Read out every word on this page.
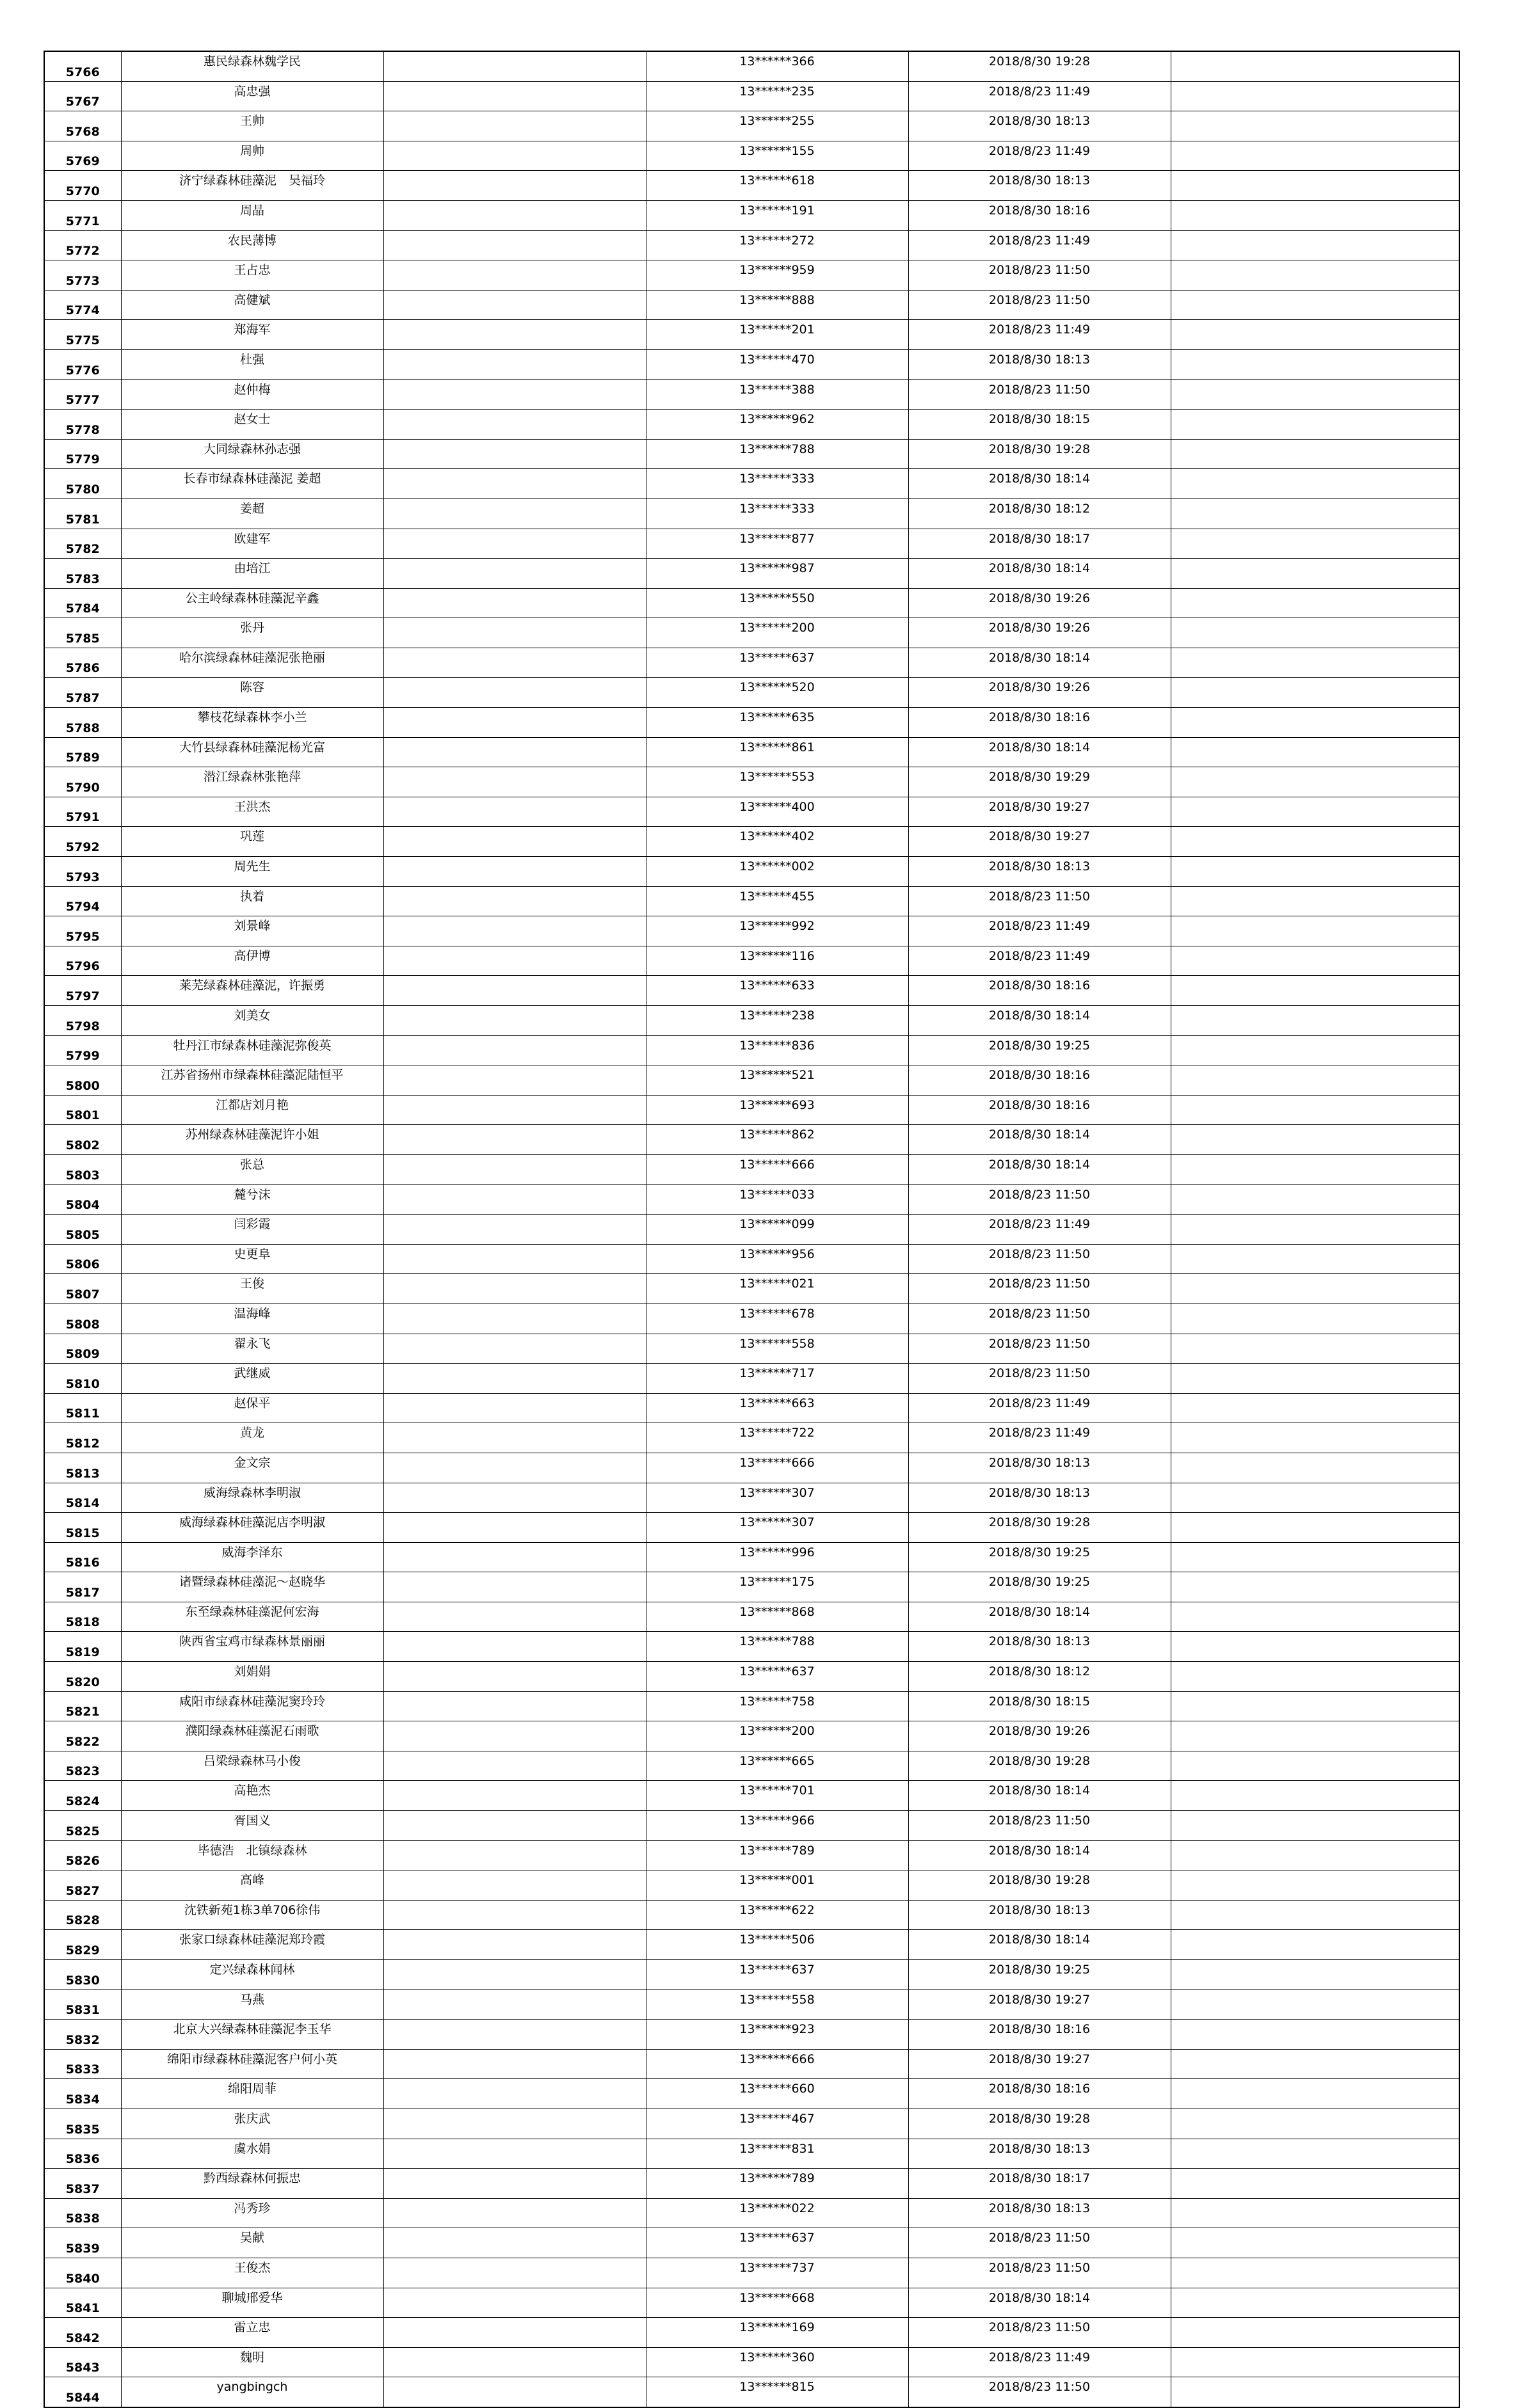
5766	惠民绿森林魏学民		13******366	2018/8/30 19:28	
5767	高忠强		13******235	2018/8/23 11:49	
5768	王帅		13******255	2018/8/30 18:13	
5769	周帅		13******155	2018/8/23 11:49	
5770	济宁绿森林硅藻泥　吴福玲		13******618	2018/8/30 18:13	
5771	周晶		13******191	2018/8/30 18:16	
5772	农民薄博		13******272	2018/8/23 11:49	
5773	王占忠		13******959	2018/8/23 11:50	
5774	高健斌		13******888	2018/8/23 11:50	
5775	郑海军		13******201	2018/8/23 11:49	
5776	杜强		13******470	2018/8/30 18:13	
5777	赵仲梅		13******388	2018/8/23 11:50	
5778	赵女士		13******962	2018/8/30 18:15	
5779	大同绿森林孙志强		13******788	2018/8/30 19:28	
5780	长春市绿森林硅藻泥 姜超		13******333	2018/8/30 18:14	
5781	姜超		13******333	2018/8/30 18:12	
5782	欧建军		13******877	2018/8/30 18:17	
5783	由培江		13******987	2018/8/30 18:14	
5784	公主岭绿森林硅藻泥辛鑫		13******550	2018/8/30 19:26	
5785	张丹		13******200	2018/8/30 19:26	
5786	哈尔滨绿森林硅藻泥张艳丽		13******637	2018/8/30 18:14	
5787	陈容		13******520	2018/8/30 19:26	
5788	攀枝花绿森林李小兰		13******635	2018/8/30 18:16	
5789	大竹县绿森林硅藻泥杨光富		13******861	2018/8/30 18:14	
5790	潜江绿森林张艳萍		13******553	2018/8/30 19:29	
5791	王洪杰		13******400	2018/8/30 19:27	
5792	巩莲		13******402	2018/8/30 19:27	
5793	周先生		13******002	2018/8/30 18:13	
5794	执着		13******455	2018/8/23 11:50	
5795	刘景峰		13******992	2018/8/23 11:49	
5796	高伊博		13******116	2018/8/23 11:49	
5797	莱芜绿森林硅藻泥，许振勇		13******633	2018/8/30 18:16	
5798	刘美女		13******238	2018/8/30 18:14	
5799	牡丹江市绿森林硅藻泥弥俊英		13******836	2018/8/30 19:25	
5800	江苏省扬州市绿森林硅藻泥陆恒平		13******521	2018/8/30 18:16	
5801	江都店刘月艳		13******693	2018/8/30 18:16	
5802	苏州绿森林硅藻泥许小姐		13******862	2018/8/30 18:14	
5803	张总		13******666	2018/8/30 18:14	
5804	麓兮沫		13******033	2018/8/23 11:50	
5805	闫彩霞		13******099	2018/8/23 11:49	
5806	史更阜		13******956	2018/8/23 11:50	
5807	王俊		13******021	2018/8/23 11:50	
5808	温海峰		13******678	2018/8/23 11:50	
5809	翟永飞		13******558	2018/8/23 11:50	
5810	武继威		13******717	2018/8/23 11:50	
5811	赵保平		13******663	2018/8/23 11:49	
5812	黄龙		13******722	2018/8/23 11:49	
5813	金文宗		13******666	2018/8/30 18:13	
5814	威海绿森林李明淑		13******307	2018/8/30 18:13	
5815	威海绿森林硅藻泥店李明淑		13******307	2018/8/30 19:28	
5816	威海李泽东		13******996	2018/8/30 19:25	
5817	诸暨绿森林硅藻泥～赵晓华		13******175	2018/8/30 19:25	
5818	东至绿森林硅藻泥何宏海		13******868	2018/8/30 18:14	
5819	陕西省宝鸡市绿森林景丽丽		13******788	2018/8/30 18:13	
5820	刘娟娟		13******637	2018/8/30 18:12	
5821	咸阳市绿森林硅藻泥窦玲玲		13******758	2018/8/30 18:15	
5822	濮阳绿森林硅藻泥石雨歌		13******200	2018/8/30 19:26	
5823	吕梁绿森林马小俊		13******665	2018/8/30 19:28	
5824	高艳杰		13******701	2018/8/30 18:14	
5825	胥国义		13******966	2018/8/23 11:50	
5826	毕德浩　北镇绿森林		13******789	2018/8/30 18:14	
5827	高峰		13******001	2018/8/30 19:28	
5828	沈铁新苑1栋3单706徐伟		13******622	2018/8/30 18:13	
5829	张家口绿森林硅藻泥郑玲霞		13******506	2018/8/30 18:14	
5830	定兴绿森林闻林		13******637	2018/8/30 19:25	
5831	马燕		13******558	2018/8/30 19:27	
5832	北京大兴绿森林硅藻泥李玉华		13******923	2018/8/30 18:16	
5833	绵阳市绿森林硅藻泥客户何小英		13******666	2018/8/30 19:27	
5834	绵阳周菲		13******660	2018/8/30 18:16	
5835	张庆武		13******467	2018/8/30 19:28	
5836	虞水娟		13******831	2018/8/30 18:13	
5837	黔西绿森林何振忠		13******789	2018/8/30 18:17	
5838	冯秀珍		13******022	2018/8/30 18:13	
5839	吴献		13******637	2018/8/23 11:50	
5840	王俊杰		13******737	2018/8/23 11:50	
5841	聊城邢爱华		13******668	2018/8/30 18:14	
5842	雷立忠		13******169	2018/8/23 11:50	
5843	魏明		13******360	2018/8/23 11:49	
5844	yangbingch		13******815	2018/8/23 11:50	
